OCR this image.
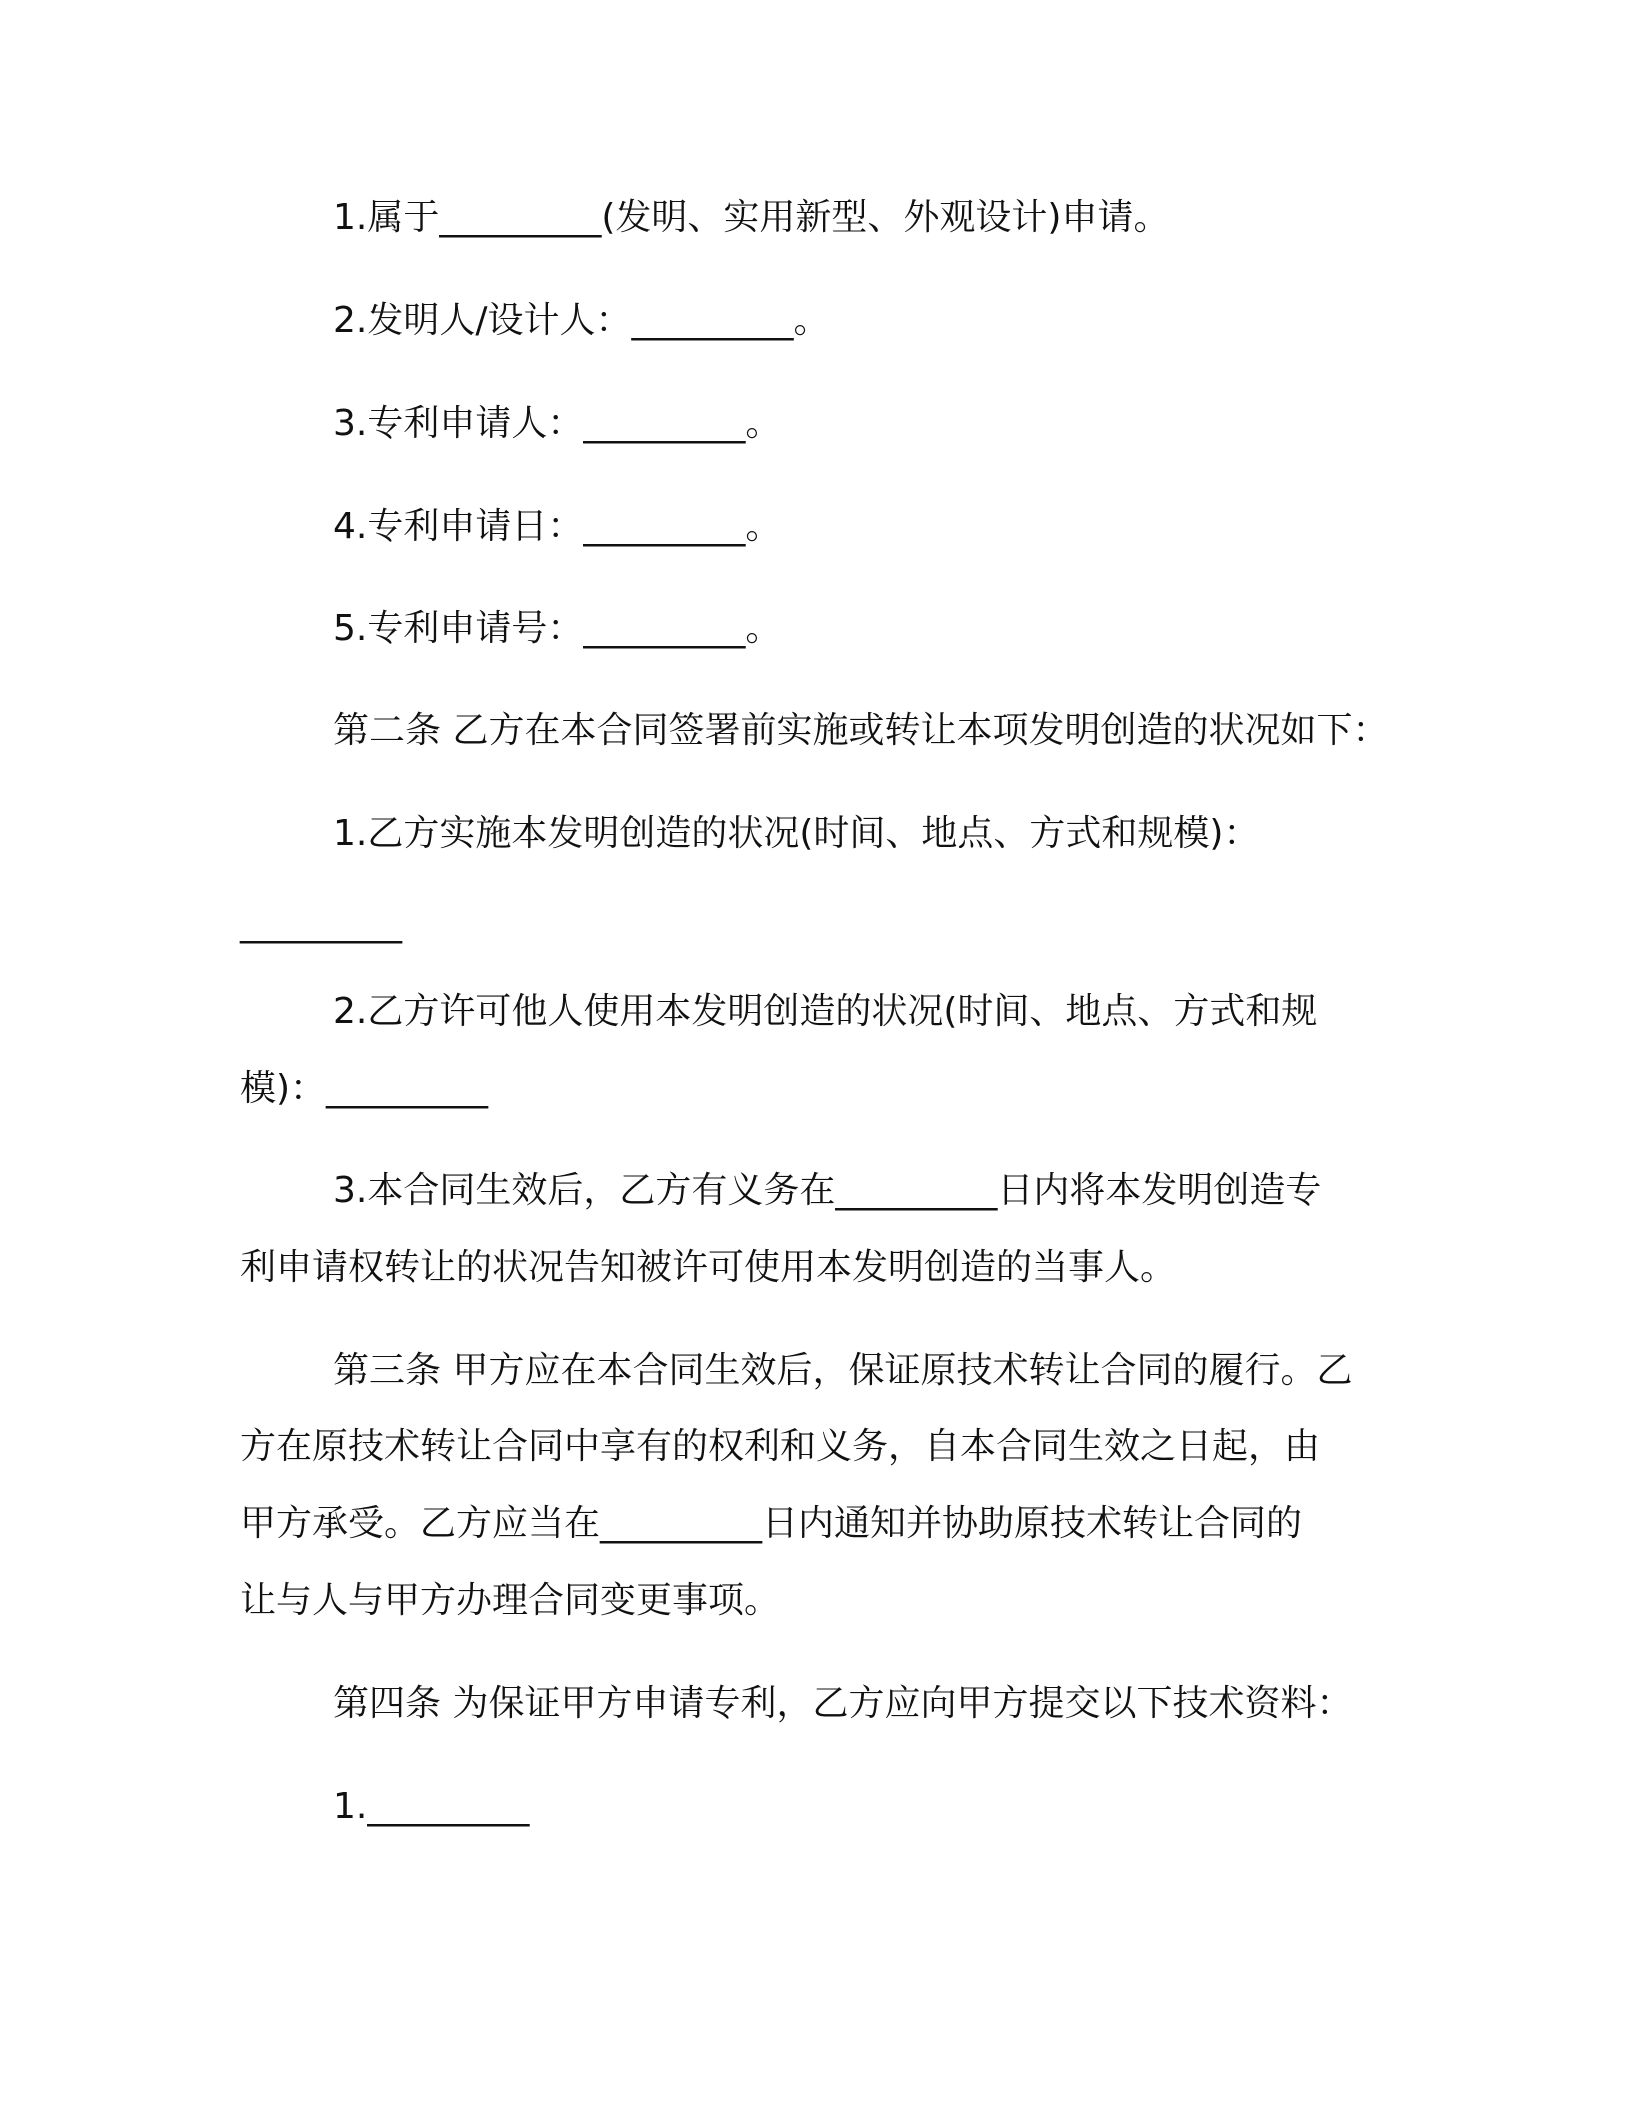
1.属于_________(发明、实用新型、外观设计)申请。

2.发明人/设计人：_________。

3.专利申请人：_________。

4.专利申请日：_________。

5.专利申请号：_________。

第二条 乙方在本合同签署前实施或转让本项发明创造的状况如下：

1.乙方实施本发明创造的状况(时间、地点、方式和规模)：

_________

2.乙方许可他人使用本发明创造的状况(时间、地点、方式和规

模)：_________

3.本合同生效后，乙方有义务在_________日内将本发明创造专

利申请权转让的状况告知被许可使用本发明创造的当事人。

第三条 甲方应在本合同生效后，保证原技术转让合同的履行。乙

方在原技术转让合同中享有的权利和义务，自本合同生效之日起，由

甲方承受。乙方应当在_________日内通知并协助原技术转让合同的

让与人与甲方办理合同变更事项。

第四条 为保证甲方申请专利，乙方应向甲方提交以下技术资料：

1._________
